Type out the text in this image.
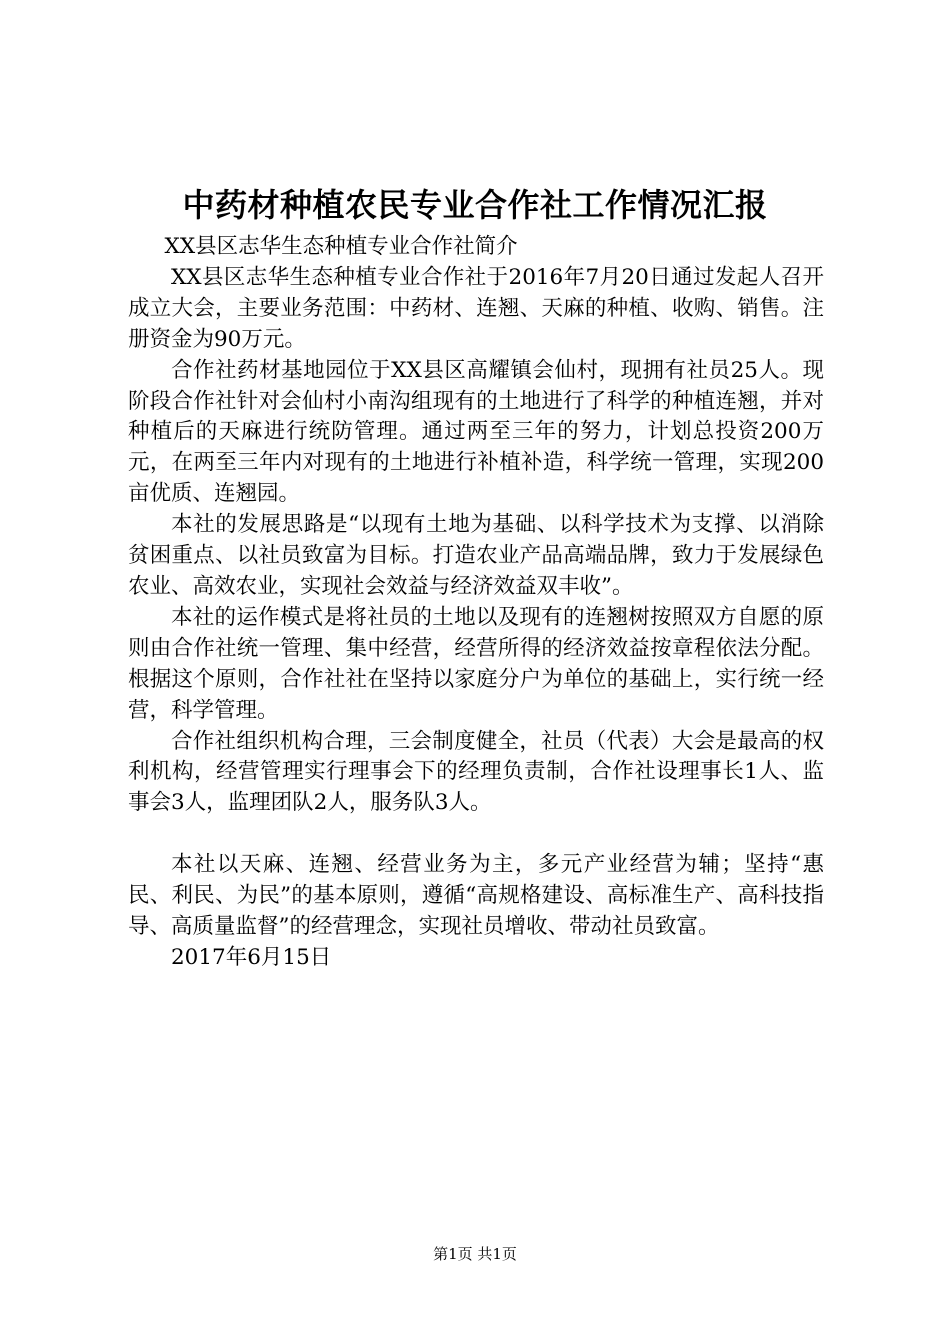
中药材种植农民专业合作社工作情况汇报

XX县区志华生态种植专业合作社简介

XX县区志华生态种植专业合作社于2016年7月20日通过发起人召开成立大会，主要业务范围：中药材、连翘、天麻的种植、收购、销售。注册资金为90万元。

合作社药材基地园位于XX县区高耀镇会仙村，现拥有社员25人。现阶段合作社针对会仙村小南沟组现有的土地进行了科学的种植连翘，并对种植后的天麻进行统防管理。通过两至三年的努力，计划总投资200万元，在两至三年内对现有的土地进行补植补造，科学统一管理，实现200亩优质、连翘园。

本社的发展思路是“以现有土地为基础、以科学技术为支撑、以消除贫困重点、以社员致富为目标。打造农业产品高端品牌，致力于发展绿色农业、高效农业，实现社会效益与经济效益双丰收”。

本社的运作模式是将社员的土地以及现有的连翘树按照双方自愿的原则由合作社统一管理、集中经营，经营所得的经济效益按章程依法分配。根据这个原则，合作社社在坚持以家庭分户为单位的基础上，实行统一经营，科学管理。

合作社组织机构合理，三会制度健全，社员（代表）大会是最高的权利机构，经营管理实行理事会下的经理负责制，合作社设理事长1人、监事会3人，监理团队2人，服务队3人。

本社以天麻、连翘、经营业务为主，多元产业经营为辅；坚持“惠民、利民、为民”的基本原则，遵循“高规格建设、高标准生产、高科技指导、高质量监督”的经营理念，实现社员增收、带动社员致富。

2017年6月15日

第1页 共1页
